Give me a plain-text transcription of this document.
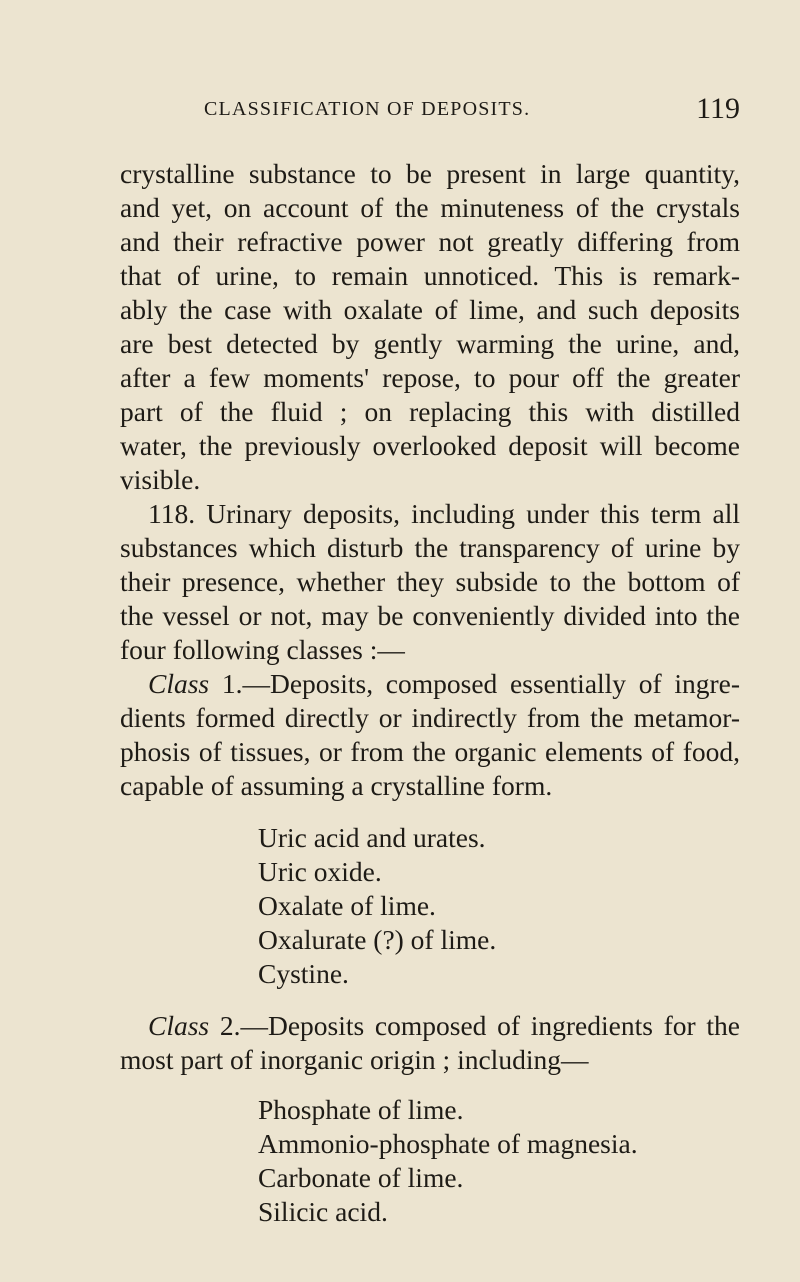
CLASSIFICATION OF DEPOSITS.	119
crystalline substance to be present in large quantity,
and yet, on account of the minuteness of the crystals
and their refractive power not greatly differing from
that of urine, to remain unnoticed. This is remark-
ably the case with oxalate of lime, and such deposits
are best detected by gently warming the urine, and,
after a few moments' repose, to pour off the greater
part of the fluid ; on replacing this with distilled
water, the previously overlooked deposit will become
visible.
118. Urinary deposits, including under this term all
substances which disturb the transparency of urine by
their presence, whether they subside to the bottom of
the vessel or not, may be conveniently divided into the
four following classes :—
Class 1.—Deposits, composed essentially of ingre-
dients formed directly or indirectly from the metamor-
phosis of tissues, or from the organic elements of food,
capable of assuming a crystalline form.
Uric acid and urates.
Uric oxide.
Oxalate of lime.
Oxalurate (?) of lime.
Cystine.
Class 2.—Deposits composed of ingredients for the
most part of inorganic origin ; including—
Phosphate of lime.
Ammonio-phosphate of magnesia.
Carbonate of lime.
Silicic acid.
